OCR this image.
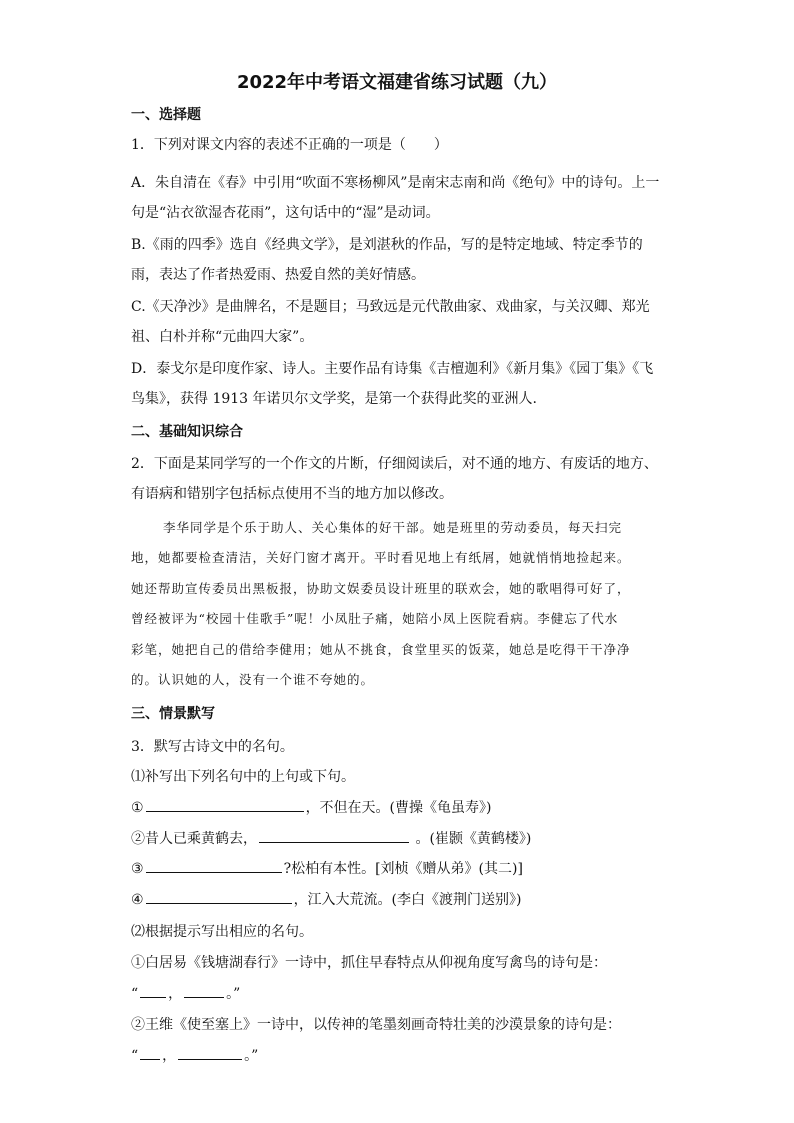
2022年中考语文福建省练习试题（九）
一、选择题
1．下列对课文内容的表述不正确的一项是（　　）
A．朱自清在《春》中引用“吹面不寒杨柳风”是南宋志南和尚《绝句》中的诗句。上一
句是“沾衣欲湿杏花雨”，这句话中的“湿”是动词。
B.《雨的四季》选自《经典文学》，是刘湛秋的作品，写的是特定地域、特定季节的
雨，表达了作者热爱雨、热爱自然的美好情感。
C.《天净沙》是曲牌名，不是题目；马致远是元代散曲家、戏曲家，与关汉卿、郑光
祖、白朴并称“元曲四大家”。
D．泰戈尔是印度作家、诗人。主要作品有诗集《吉檀迦利》《新月集》《园丁集》《飞
鸟集》，获得 1913 年诺贝尔文学奖，是第一个获得此奖的亚洲人.
二、基础知识综合
2．下面是某同学写的一个作文的片断，仔细阅读后，对不通的地方、有废话的地方、
有语病和错别字包括标点使用不当的地方加以修改。
李华同学是个乐于助人、关心集体的好干部。她是班里的劳动委员，每天扫完
地，她都要检查清洁，关好门窗才离开。平时看见地上有纸屑，她就悄悄地捡起来。
她还帮助宣传委员出黑板报，协助文娱委员设计班里的联欢会，她的歌唱得可好了，
曾经被评为“校园十佳歌手”呢！小凤肚子痛，她陪小凤上医院看病。李健忘了代水
彩笔，她把自己的借给李健用；她从不挑食，食堂里买的饭菜，她总是吃得干干净净
的。认识她的人，没有一个谁不夸她的。
三、情景默写
3．默写古诗文中的名句。
⑴补写出下列名句中的上句或下句。
①	，不但在天。(曹操《龟虽寿》)
②昔人已乘黄鹤去，	。(崔颢《黄鹤楼》)
③	?松柏有本性。[刘桢《赠从弟》(其二)]
④	，江入大荒流。(李白《渡荆门送别》)
⑵根据提示写出相应的名句。
①白居易《钱塘湖春行》一诗中，抓住早春特点从仰视角度写禽鸟的诗句是：
“ ，	。”
②王维《使至塞上》一诗中，以传神的笔墨刻画奇特壮美的沙漠景象的诗句是：
“ ，	。”
